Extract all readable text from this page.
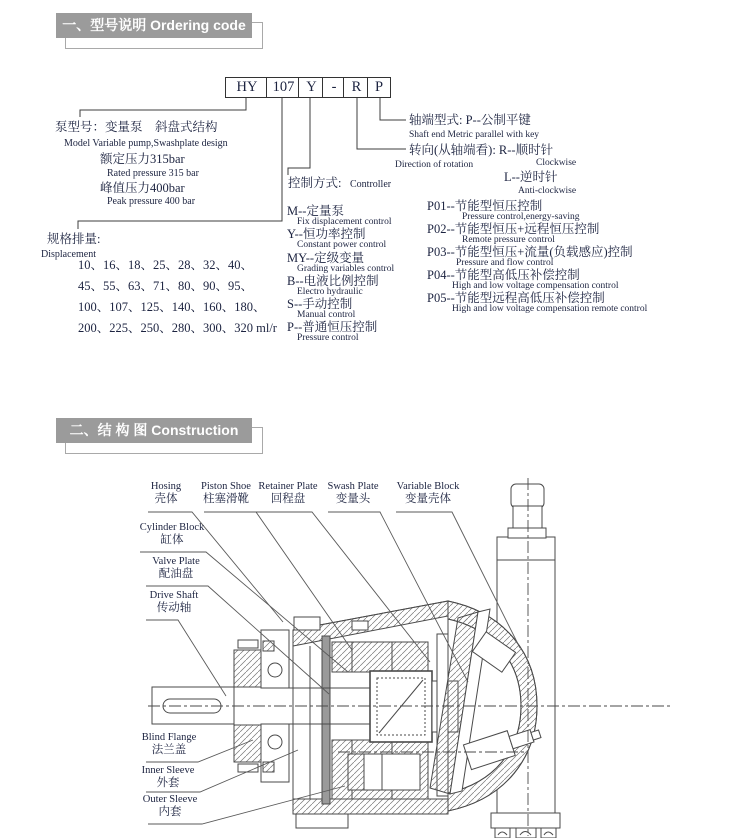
一、型号说明 Ordering code
HY	107 Y	-	R P
泵型号：变量泵　斜盘式结构
Model Variable pump,Swashplate design
额定压力315bar
Rated pressure 315 bar
峰值压力400bar
Peak pressure 400 bar
规格排量:
Displacement
10、16、18、25、28、32、40、
45、55、63、71、80、90、95、
100、107、125、140、160、180、
200、225、250、280、300、320 ml/r
控制方式: Controller
M--定量泵
Fix displacement control
Y--恒功率控制
Constant power control
MY--定级变量
Grading variables control
B--电液比例控制
Electro hydraulic
S--手动控制
Manual control
P--普通恒压控制
Pressure control
P01--节能型恒压控制
Pressure control,energy-saving
P02--节能型恒压+远程恒压控制
Remote pressure control
P03--节能型恒压+流量(负载感应)控制
Pressure and flow control
P04--节能型高低压补偿控制
High and low voltage compensation control
P05--节能型远程高低压补偿控制
High and low voltage compensation remote control
轴端型式: P--公制平键
Shaft end Metric parallel with key
转向(从轴端看): R--顺时针
Direction of rotation	Clockwise
L--逆时针
Anti-clockwise
二、结 构 图 Construction
Hosing
壳体
Piston Shoe
柱塞滑靴
Retainer Plate
回程盘
Swash Plate
变量头
Variable Block
变量壳体
Cylinder Block
缸体
Valve Plate
配油盘
Drive Shaft
传动轴
Blind Flange
法兰盖
Inner Sleeve
外套
Outer Sleeve
内套
